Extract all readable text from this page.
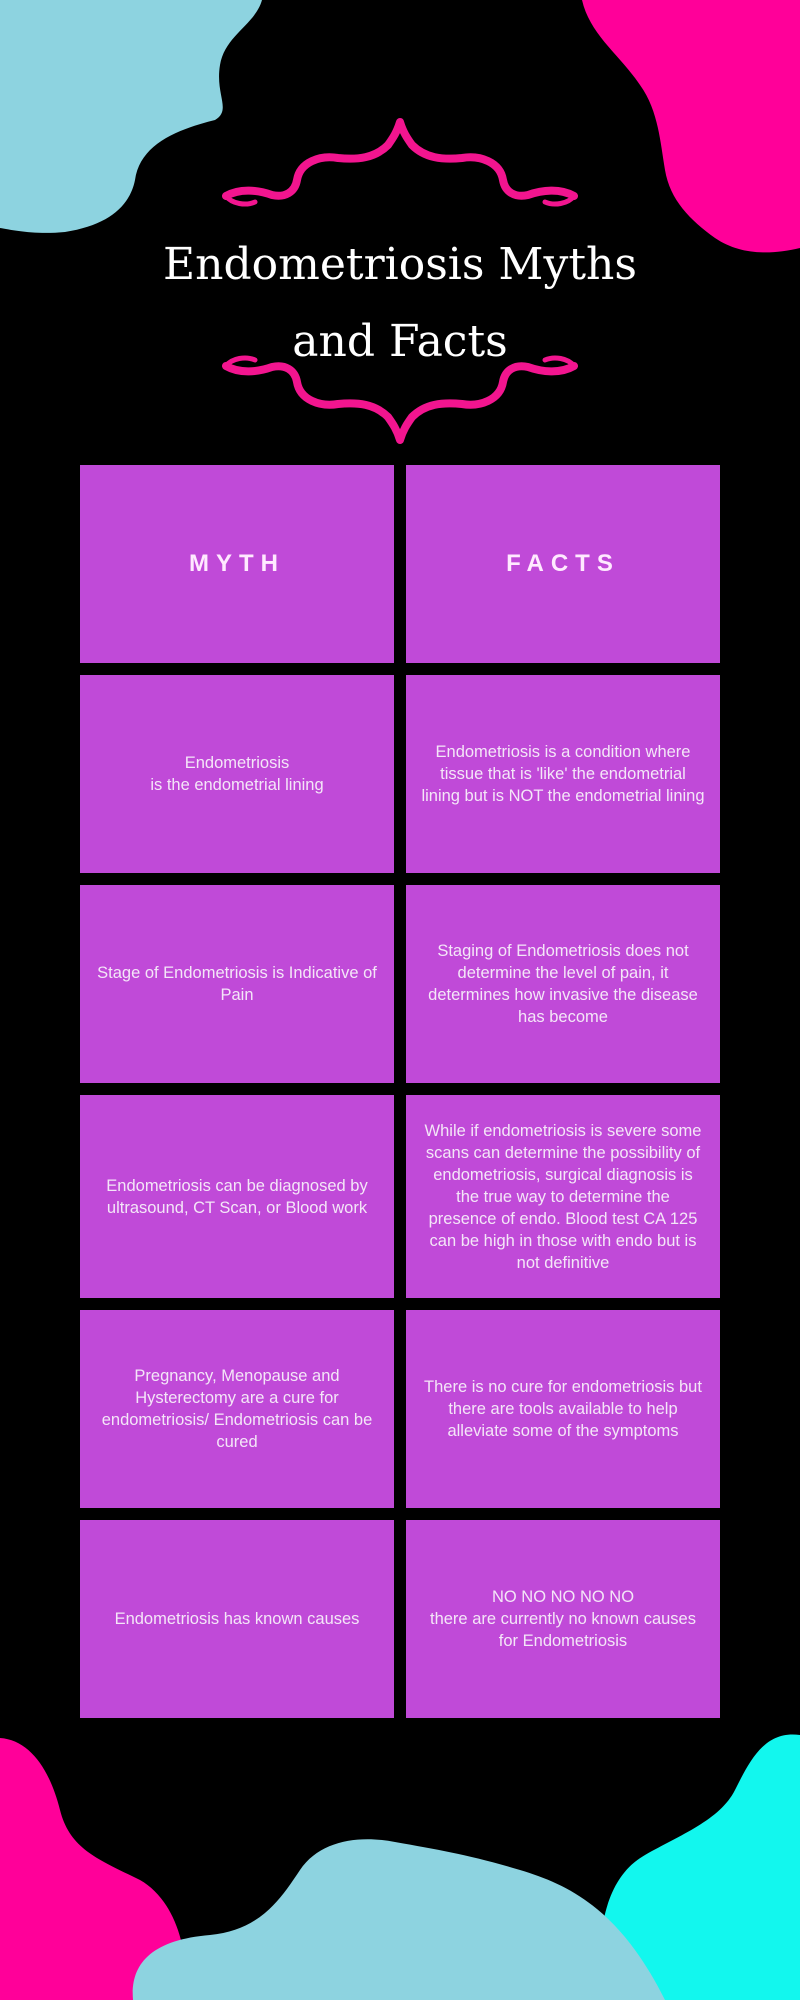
Endometriosis Myths
and Facts
MYTH	FACTS
Endometriosis
is the endometrial lining
Endometriosis is a condition where tissue that is 'like' the endometrial lining but is NOT the endometrial lining
Stage of Endometriosis is Indicative of Pain
Staging of Endometriosis does not determine the level of pain, it determines how invasive the disease has become
Endometriosis can be diagnosed by ultrasound, CT Scan, or Blood work
While if endometriosis is severe some scans can determine the possibility of endometriosis, surgical diagnosis is the true way to determine the presence of endo. Blood test CA 125 can be high in those with endo but is not definitive
Pregnancy, Menopause and Hysterectomy are a cure for endometriosis/ Endometriosis can be cured
There is no cure for endometriosis but there are tools available to help alleviate some of the symptoms
Endometriosis has known causes
NO NO NO NO NO
there are currently no known causes for Endometriosis
